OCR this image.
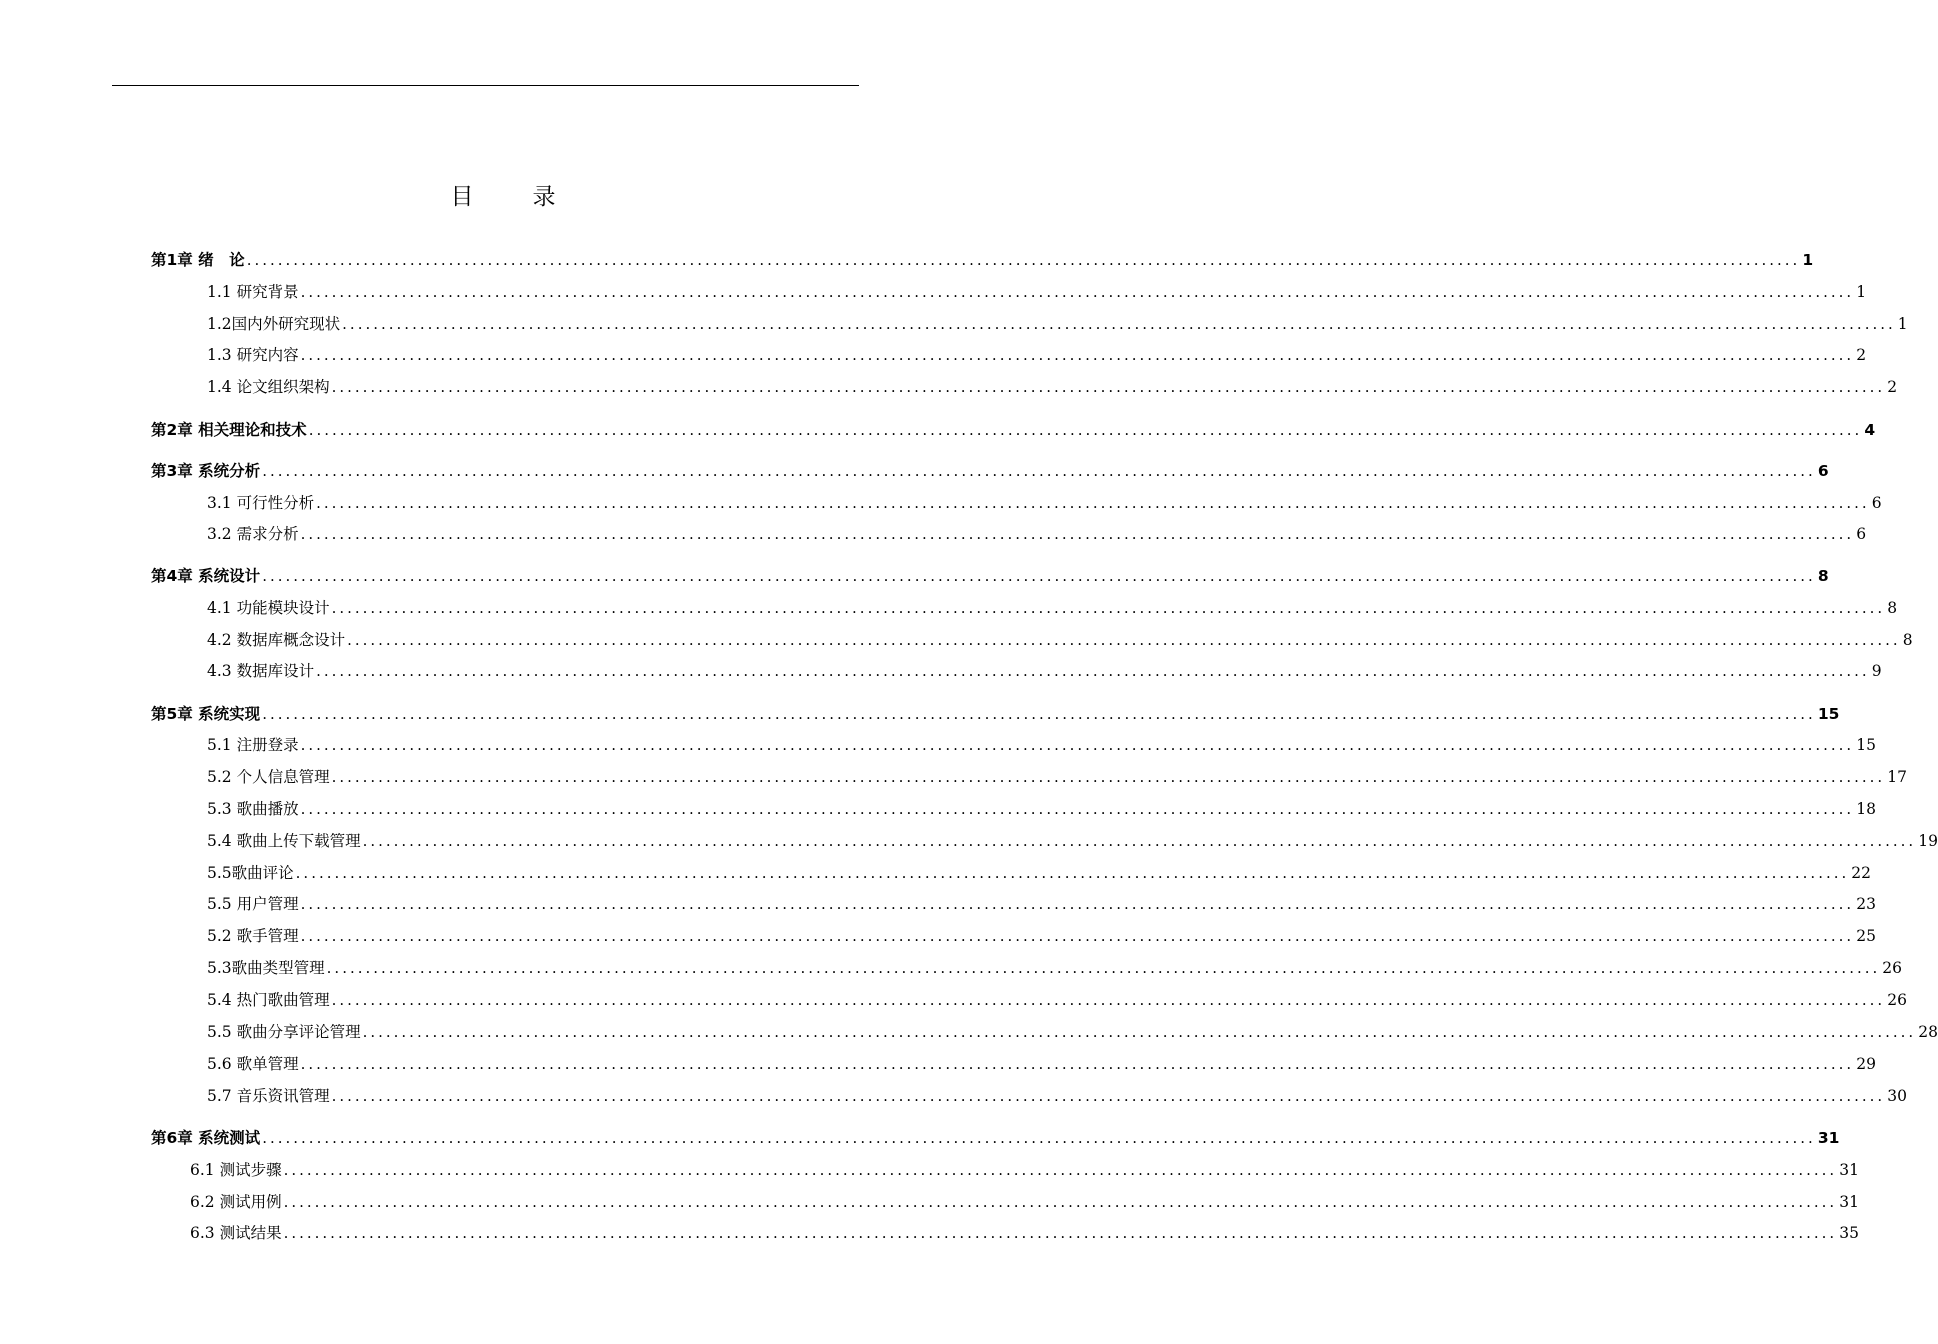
目　录
第1章 绪　论 ........................................................................................................................................................................................................ 1
1.1 研究背景 ........................................................................................................................................................................................................ 1
1.2国内外研究现状 ........................................................................................................................................................................................................ 1
1.3 研究内容 ........................................................................................................................................................................................................ 2
1.4 论文组织架构 ........................................................................................................................................................................................................ 2
第2章 相关理论和技术 ........................................................................................................................................................................................................ 4
第3章 系统分析 ........................................................................................................................................................................................................ 6
3.1 可行性分析 ........................................................................................................................................................................................................ 6
3.2 需求分析 ........................................................................................................................................................................................................ 6
第4章 系统设计 ........................................................................................................................................................................................................ 8
4.1 功能模块设计 ........................................................................................................................................................................................................ 8
4.2 数据库概念设计 ........................................................................................................................................................................................................ 8
4.3 数据库设计 ........................................................................................................................................................................................................ 9
第5章 系统实现 ........................................................................................................................................................................................................ 15
5.1 注册登录 ........................................................................................................................................................................................................ 15
5.2 个人信息管理 ........................................................................................................................................................................................................ 17
5.3 歌曲播放 ........................................................................................................................................................................................................ 18
5.4 歌曲上传下载管理 ........................................................................................................................................................................................................ 19
5.5歌曲评论 ........................................................................................................................................................................................................ 22
5.5 用户管理 ........................................................................................................................................................................................................ 23
5.2 歌手管理 ........................................................................................................................................................................................................ 25
5.3歌曲类型管理 ........................................................................................................................................................................................................ 26
5.4 热门歌曲管理 ........................................................................................................................................................................................................ 26
5.5 歌曲分享评论管理 ........................................................................................................................................................................................................ 28
5.6 歌单管理 ........................................................................................................................................................................................................ 29
5.7 音乐资讯管理 ........................................................................................................................................................................................................ 30
第6章 系统测试 ........................................................................................................................................................................................................ 31
6.1 测试步骤 ........................................................................................................................................................................................................ 31
6.2 测试用例 ........................................................................................................................................................................................................ 31
6.3 测试结果 ........................................................................................................................................................................................................ 35
